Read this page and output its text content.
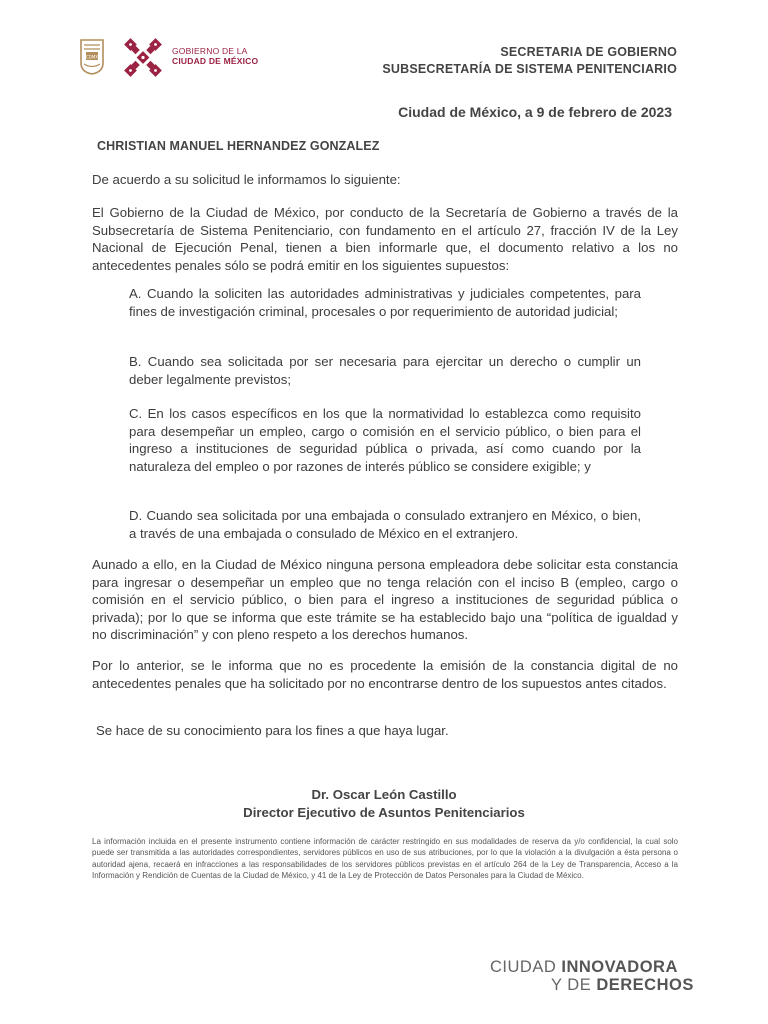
CDMX
GOBIERNO DE LA
CIUDAD DE MÉXICO
SECRETARIA DE GOBIERNO
SUBSECRETARÍA DE SISTEMA PENITENCIARIO
Ciudad de México, a 9 de febrero de 2023
CHRISTIAN MANUEL HERNANDEZ GONZALEZ
De acuerdo a su solicitud le informamos lo siguiente:
El Gobierno de la Ciudad de México, por conducto de la Secretaría de Gobierno a través de la Subsecretaría de Sistema Penitenciario, con fundamento en el artículo 27, fracción IV de la Ley Nacional de Ejecución Penal, tienen a bien informarle que, el documento relativo a los no antecedentes penales sólo se podrá emitir en los siguientes supuestos:
A. Cuando la soliciten las autoridades administrativas y judiciales competentes, para fines de investigación criminal, procesales o por requerimiento de autoridad judicial;
B. Cuando sea solicitada por ser necesaria para ejercitar un derecho o cumplir un deber legalmente previstos;
C. En los casos específicos en los que la normatividad lo establezca como requisito para desempeñar un empleo, cargo o comisión en el servicio público, o bien para el ingreso a instituciones de seguridad pública o privada, así como cuando por la naturaleza del empleo o por razones de interés público se considere exigible; y
D. Cuando sea solicitada por una embajada o consulado extranjero en México, o bien, a través de una embajada o consulado de México en el extranjero.
Aunado a ello, en la Ciudad de México ninguna persona empleadora debe solicitar esta constancia para ingresar o desempeñar un empleo que no tenga relación con el inciso B (empleo, cargo o comisión en el servicio público, o bien para el ingreso a instituciones de seguridad pública o privada); por lo que se informa que este trámite se ha establecido bajo una “política de igualdad y no discriminación” y con pleno respeto a los derechos humanos.
Por lo anterior, se le informa que no es procedente la emisión de la constancia digital de no antecedentes penales que ha solicitado por no encontrarse dentro de los supuestos antes citados.
Se hace de su conocimiento para los fines a que haya lugar.
Dr. Oscar León Castillo
Director Ejecutivo de Asuntos Penitenciarios
La información incluida en el presente instrumento contiene información de carácter restringido en sus modalidades de reserva da y/o confidencial, la cual solo puede ser transmitida a las autoridades correspondientes, servidores públicos en uso de sus atribuciones, por lo que la violación a la divulgación a ésta persona o autoridad ajena, recaerá en infracciones a las responsabilidades de los servidores públicos previstas en el artículo 264 de la Ley de Transparencia, Acceso a la Información y Rendición de Cuentas de la Ciudad de México, y 41 de la Ley de Protección de Datos Personales para la Ciudad de México.
CIUDAD INNOVADORA
Y DE DERECHOS
